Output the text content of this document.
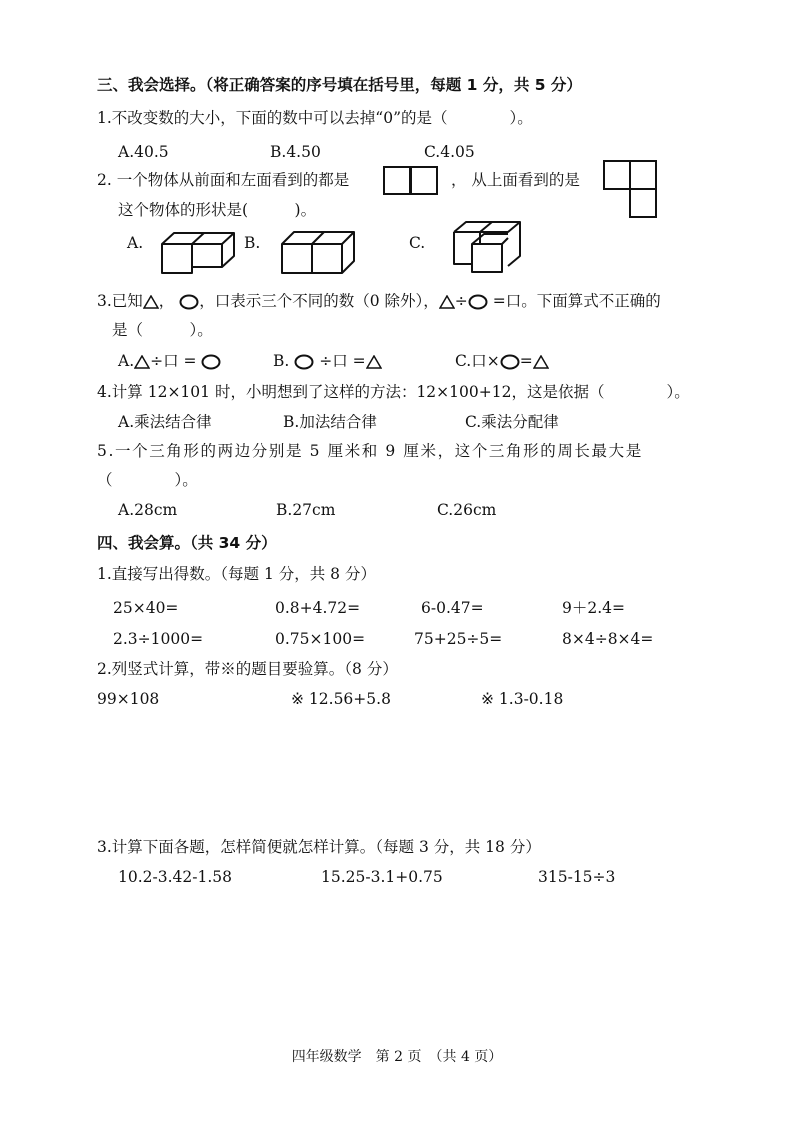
三、我会选择。（将正确答案的序号填在括号里，每题 1 分，共 5 分）
1.不改变数的大小，下面的数中可以去掉“0”的是（　　　　）。
A.40.5	B.4.50	C.4.05
2. 一个物体从前面和左面看到的都是	， 从上面看到的是
这个物体的形状是(　　　)。
A.	B.	C.
3.已知 ， ，口表示三个不同的数（0 除外）， ÷ =口。下面算式不正确的
是（　　　）。
A. ÷口 =	B. ÷口 =	C.口× =
4.计算 12×101 时，小明想到了这样的方法：12×100+12，这是依据（　　　　）。
A.乘法结合律	B.加法结合律	C.乘法分配律
5.一个三角形的两边分别是 5 厘米和 9 厘米，这个三角形的周长最大是
（　　　　）。
A.28cm	B.27cm	C.26cm
四、我会算。（共 34 分）
1.直接写出得数。（每题 1 分，共 8 分）
25×40=	0.8+4.72=	6-0.47=	9＋2.4=
2.3÷1000=	0.75×100=	75+25÷5=	8×4÷8×4=
2.列竖式计算，带※的题目要验算。（8 分）
99×108	※ 12.56+5.8	※ 1.3-0.18
3.计算下面各题，怎样简便就怎样计算。（每题 3 分，共 18 分）
10.2-3.42-1.58	15.25-3.1+0.75	315-15÷3
四年级数学　第 2 页　（共 4 页）
